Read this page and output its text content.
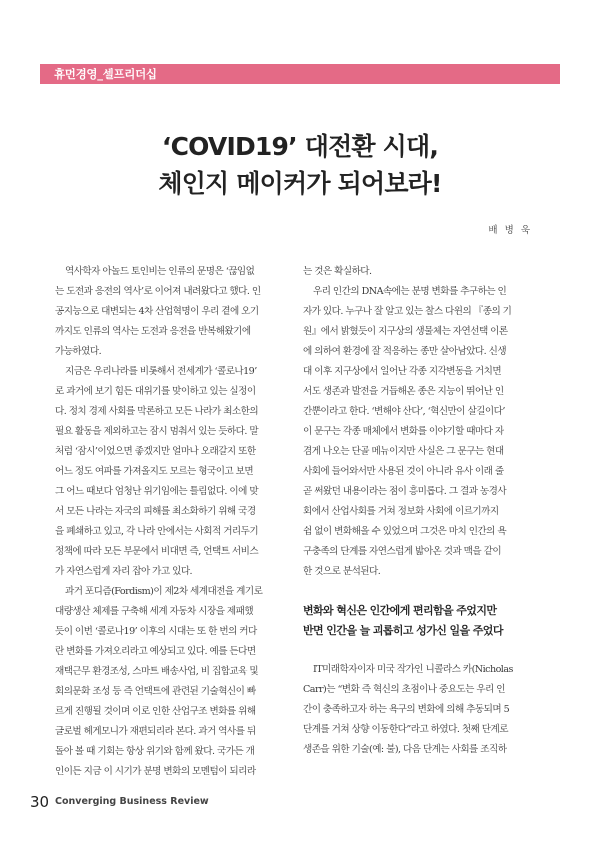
휴먼경영_셀프리더십
‘COVID19’ 대전환 시대,
체인지 메이커가 되어보라!
배 병 욱

역사학자 아놀드 토인비는 인류의 문명은 ‘끊임없

는 도전과 응전의 역사’로 이어져 내려왔다고 했다. 인

공지능으로 대변되는 4차 산업혁명이 우리 곁에 오기

까지도 인류의 역사는 도전과 응전을 반복해왔기에

가능하였다.

지금은 우리나라를 비롯해서 전세계가 ‘콜로나19’

로 과거에 보기 힘든 대위기를 맞이하고 있는 실정이

다. 정치 경제 사회를 막론하고 모든 나라가 최소한의

필요 활동을 제외하고는 잠시 멈춰서 있는 듯하다. 말

처럼 ‘잠시’이었으면 좋겠지만 얼마나 오래갈지 또한

어느 정도 여파를 가져올지도 모르는 형국이고 보면

그 어느 때보다 엄청난 위기임에는 틀림없다. 이에 맞

서 모든 나라는 자국의 피해를 최소화하기 위해 국경

을 폐쇄하고 있고, 각 나라 안에서는 사회적 거리두기

정책에 따라 모든 부문에서 비대면 즉, 언택트 서비스

가 자연스럽게 자리 잡아 가고 있다.

과거 포디즘(Fordism)이 제2차 세계대전을 계기로

대량생산 체제를 구축해 세계 자동차 시장을 제패했

듯이 이번 ‘콜로나19’ 이후의 시대는 또 한 번의 커다

란 변화를 가져오리라고 예상되고 있다. 예를 든다면

재택근무 환경조성, 스마트 배송사업, 비 집합교육 및

회의문화 조성 등 즉 언택트에 관련된 기술혁신이 빠

르게 진행될 것이며 이로 인한 산업구조 변화를 위해

글로벌 헤게모니가 재편되리라 본다. 과거 역사를 뒤

돌아 볼 때 기회는 항상 위기와 함께 왔다. 국가든 개

인이든 지금 이 시기가 분명 변화의 모멘텀이 되리라

는 것은 확실하다.

우리 인간의 DNA속에는 분명 변화를 추구하는 인

자가 있다. 누구나 잘 알고 있는 찰스 다윈의 『종의 기

원』에서 밝혔듯이 지구상의 생물체는 자연선택 이론

에 의하여 환경에 잘 적응하는 종만 살아남았다. 신생

대 이후 지구상에서 일어난 각종 지각변동을 거치면

서도 생존과 발전을 거듭해온 종은 지능이 뛰어난 인

간뿐이라고 한다. ‘변해야 산다’, ‘혁신만이 살길이다’

이 문구는 각종 매체에서 변화를 이야기할 때마다 자

겸게 나오는 단골 메뉴이지만 사실은 그 문구는 현대

사회에 들어와서만 사용된 것이 아니라 유사 이래 줄

곧 써왔던 내용이라는 점이 흥미롭다. 그 결과 농경사

회에서 산업사회를 거쳐 정보화 사회에 이르기까지

쉼 없이 변화해올 수 있었으며 그것은 마치 인간의 욕

구충족의 단계를 자연스럽게 밟아온 것과 맥을 같이

한 것으로 분석된다.

변화와 혁신은 인간에게 편리함을 주었지만
반면 인간을 늘 괴롭히고 성가신 일을 주었다

IT미래학자이자 미국 작가인 니콜라스 카(Nicholas

Carr)는 “변화 즉 혁신의 초점이나 중요도는 우리 인

간이 충족하고자 하는 욕구의 변화에 의해 추동되며 5

단계를 거쳐 상향 이동한다”라고 하였다. 첫째 단계로

생존을 위한 기술(예: 불), 다음 단계는 사회를 조직하

30 Converging Business Review
